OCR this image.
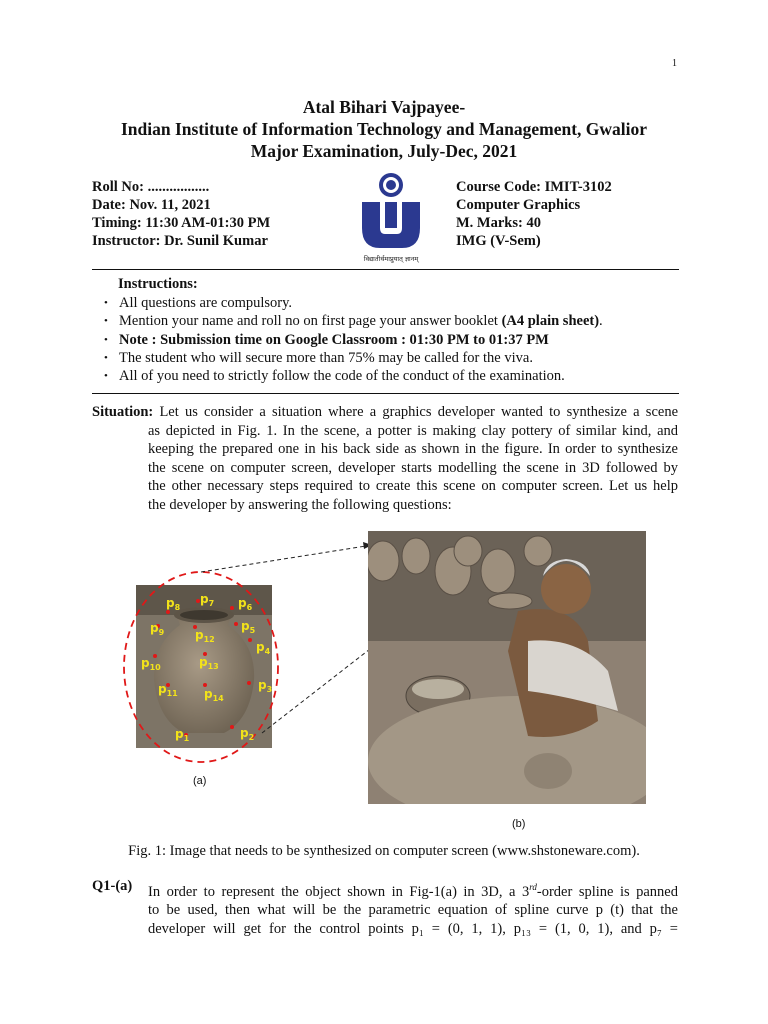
1
Atal Bihari Vajpayee-
Indian Institute of Information Technology and Management, Gwalior
Major Examination, July-Dec, 2021
Roll No: .................
Date: Nov. 11, 2021
Timing: 11:30 AM-01:30 PM
Instructor: Dr. Sunil Kumar
Course Code: IMIT-3102
Computer Graphics
M. Marks: 40
IMG (V-Sem)
विद्यातीर्थमाप्नुयात् ज्ञानम्
Instructions:
• All questions are compulsory.
• Mention your name and roll no on first page your answer booklet (A4 plain sheet).
• Note : Submission time on Google Classroom : 01:30 PM to 01:37 PM
• The student who will secure more than 75% may be called for the viva.
• All of you need to strictly follow the code of the conduct of the examination.
Situation: Let us consider a situation where a graphics developer wanted to synthesize a scene
as depicted in Fig. 1. In the scene, a potter is making clay pottery of similar kind, and
keeping the prepared one in his back side as shown in the figure. In order to synthesize
the scene on computer screen, developer starts modelling the scene in 3D followed by
the other necessary steps required to create this scene on computer screen. Let us help
the developer by answering the following questions:
$p_8$
$p_7$ $p_6$
$p_9$	$p_{12}$
$p_5$
$p_4$
$p_{10}$	$p_{13}$
$p_{11}$ $p_{14}$
$p_3$
$p_1$	$p_2$
(a)
(b)
Fig. 1: Image that needs to be synthesized on computer screen (www.shstoneware.com).
Q1-(a) In order to represent the object shown in Fig-1(a) in 3D, a 3rd-order spline is panned
to be used, then what will be the parametric equation of spline curve p (t) that the
developer will get for the control points p₁ = (0, 1, 1), p₁₃ = (1, 0, 1), and p₇ =
